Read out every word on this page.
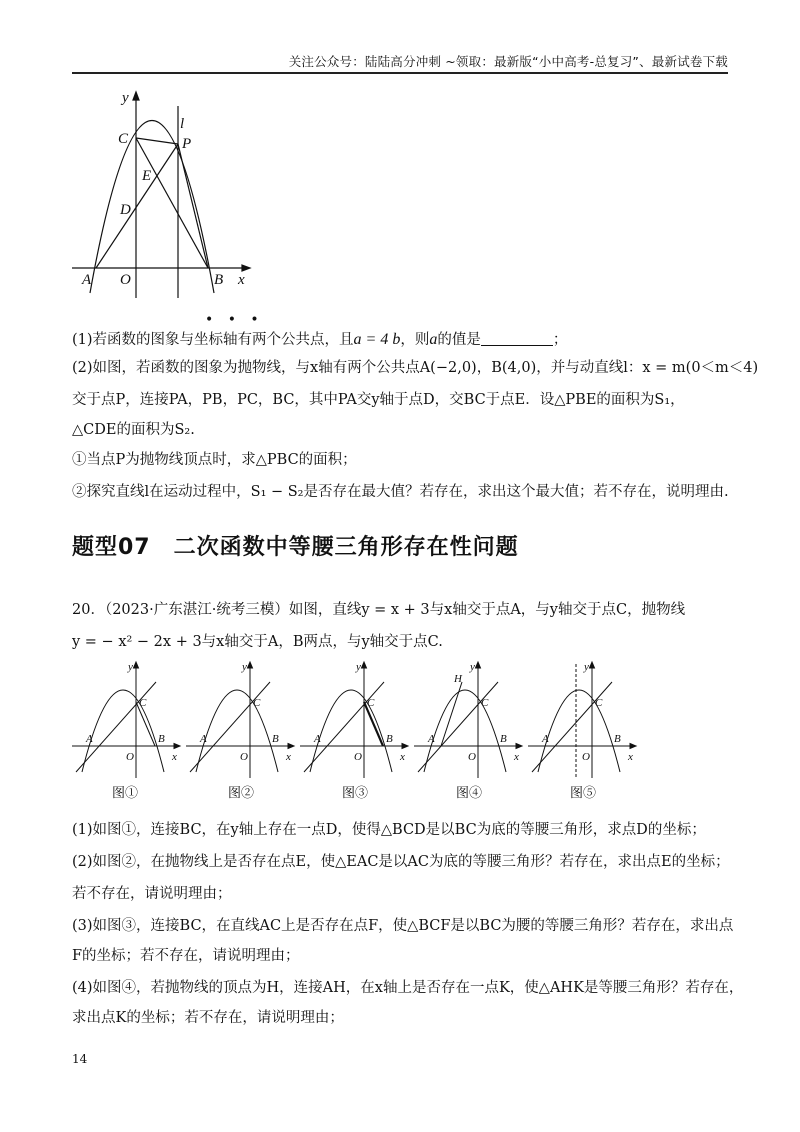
关注公众号：陆陆高分冲刺 ~领取：最新版“小中高考-总复习”、最新试卷下载
y
l
C	P
E
D
A O	B x
• • •
(1)若函数的图象与坐标轴有两个公共点，且a = 4 b，则a的值是	；
(2)如图，若函数的图象为抛物线，与x轴有两个公共点A(−2,0)，B(4,0)，并与动直线l：x = m(0＜m＜4)
交于点P，连接PA，PB，PC，BC，其中PA交y轴于点D，交BC于点E．设△PBE的面积为S₁，
△CDE的面积为S₂.
①当点P为抛物线顶点时，求△PBC的面积；
②探究直线l在运动过程中，S₁ − S₂是否存在最大值？若存在，求出这个最大值；若不存在，说明理由.
题型07　二次函数中等腰三角形存在性问题
20．（2023·广东湛江·统考三模）如图，直线y = x + 3与x轴交于点A，与y轴交于点C，抛物线
y = − x² − 2x + 3与x轴交于A，B两点，与y轴交于点C.
y
A
O
B
C
x
y
A
O
B
C
x
y
A
O
B
C
x
y
A
O
B
C
x
H
y
A
O
B
C
x
图①	图②	图③	图④	图⑤
(1)如图①，连接BC，在y轴上存在一点D，使得△BCD是以BC为底的等腰三角形，求点D的坐标；
(2)如图②，在抛物线上是否存在点E，使△EAC是以AC为底的等腰三角形？若存在，求出点E的坐标；
若不存在，请说明理由；
(3)如图③，连接BC，在直线AC上是否存在点F，使△BCF是以BC为腰的等腰三角形？若存在，求出点
F的坐标；若不存在，请说明理由；
(4)如图④，若抛物线的顶点为H，连接AH，在x轴上是否存在一点K，使△AHK是等腰三角形？若存在，
求出点K的坐标；若不存在，请说明理由；
14
